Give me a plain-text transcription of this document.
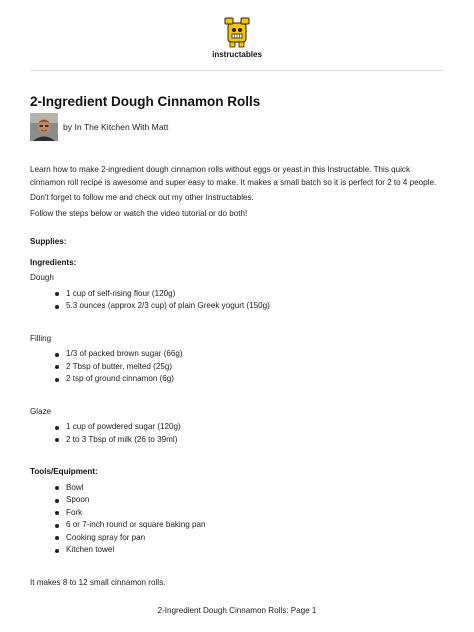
instructables
2-Ingredient Dough Cinnamon Rolls
by In The Kitchen With Matt

Learn how to make 2-ingredient dough cinnamon rolls without eggs or yeast in this Instructable. This quick cinnamon roll recipe is awesome and super easy to make. It makes a small batch so it is perfect for 2 to 4 people.

Don't forget to follow me and check out my other Instructables.

Follow the steps below or watch the video tutorial or do both!

Supplies:

Ingredients:

Dough

1 cup of self-rising flour (120g)
5.3 ounces (approx 2/3 cup) of plain Greek yogurt (150g)

Filling

1/3 of packed brown sugar (66g)
2 Tbsp of butter, melted (25g)
2 tsp of ground cinnamon (6g)

Glaze

1 cup of powdered sugar (120g)
2 to 3 Tbsp of milk (26 to 39ml)

Tools/Equipment:

Bowl
Spoon
Fork
6 or 7-inch round or square baking pan
Cooking spray for pan
Kitchen towel

It makes 8 to 12 small cinnamon rolls.

2-Ingredient Dough Cinnamon Rolls: Page 1
